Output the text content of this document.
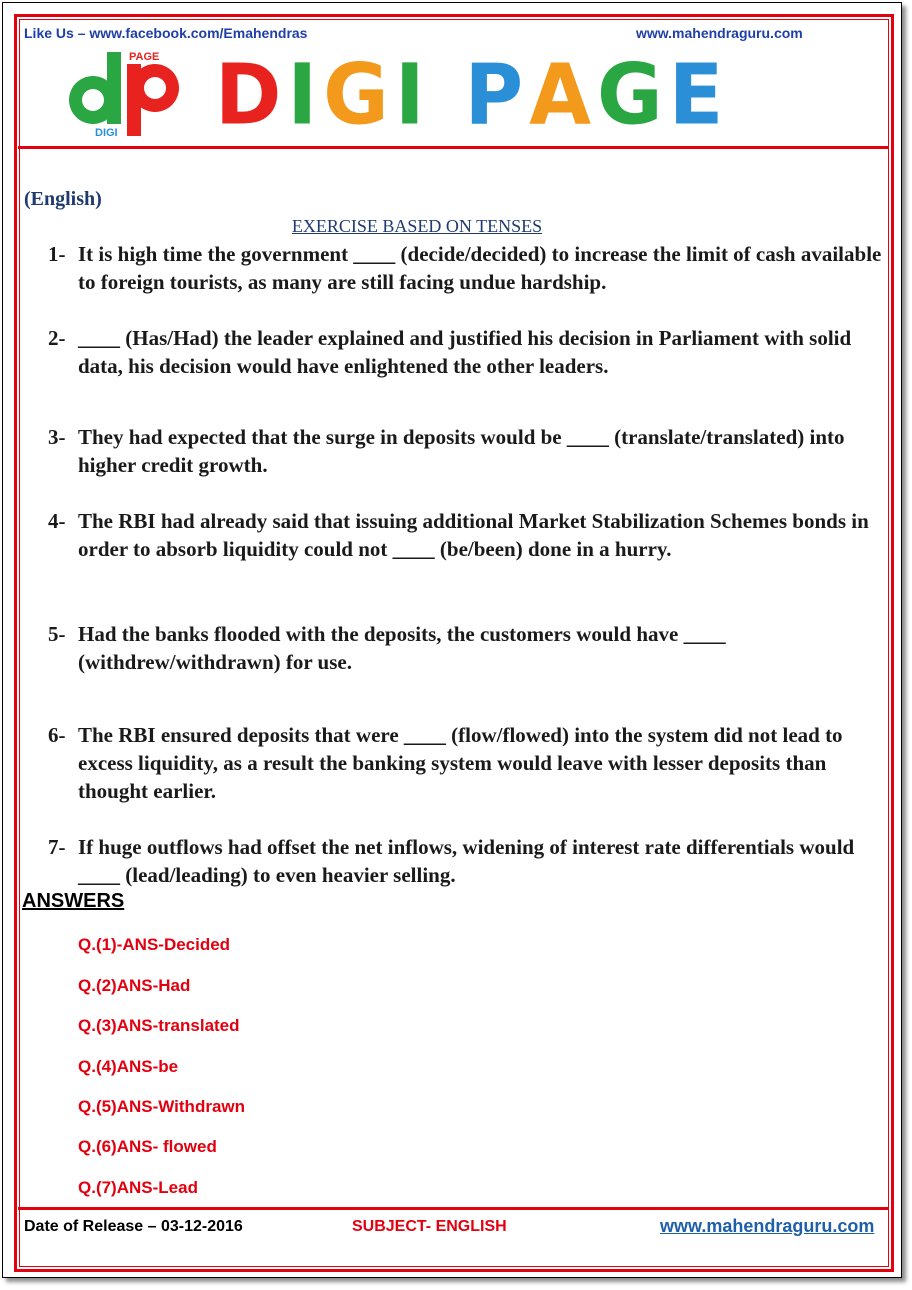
Like Us – www.facebook.com/Emahendras	www.mahendraguru.com
PAGE
DIGI D I G I
P A G E
(English)
EXERCISE BASED ON TENSES
1- It is high time the government ____ (decide/decided) to increase the limit of cash available to foreign tourists, as many are still facing undue hardship.
2- ____ (Has/Had) the leader explained and justified his decision in Parliament with solid data, his decision would have enlightened the other leaders.
3- They had expected that the surge in deposits would be ____ (translate/translated) into higher credit growth.
4- The RBI had already said that issuing additional Market Stabilization Schemes bonds in order to absorb liquidity could not ____ (be/been) done in a hurry.
5- Had the banks flooded with the deposits, the customers would have ____ (withdrew/withdrawn) for use.
6- The RBI ensured deposits that were ____ (flow/flowed) into the system did not lead to excess liquidity, as a result the banking system would leave with lesser deposits than thought earlier.
7- If huge outflows had offset the net inflows, widening of interest rate differentials would ____ (lead/leading) to even heavier selling.
ANSWERS
Q.(1)-ANS-Decided
Q.(2)ANS-Had
Q.(3)ANS-translated
Q.(4)ANS-be
Q.(5)ANS-Withdrawn
Q.(6)ANS- flowed
Q.(7)ANS-Lead
Date of Release – 03-12-2016	SUBJECT- ENGLISH	www.mahendraguru.com
